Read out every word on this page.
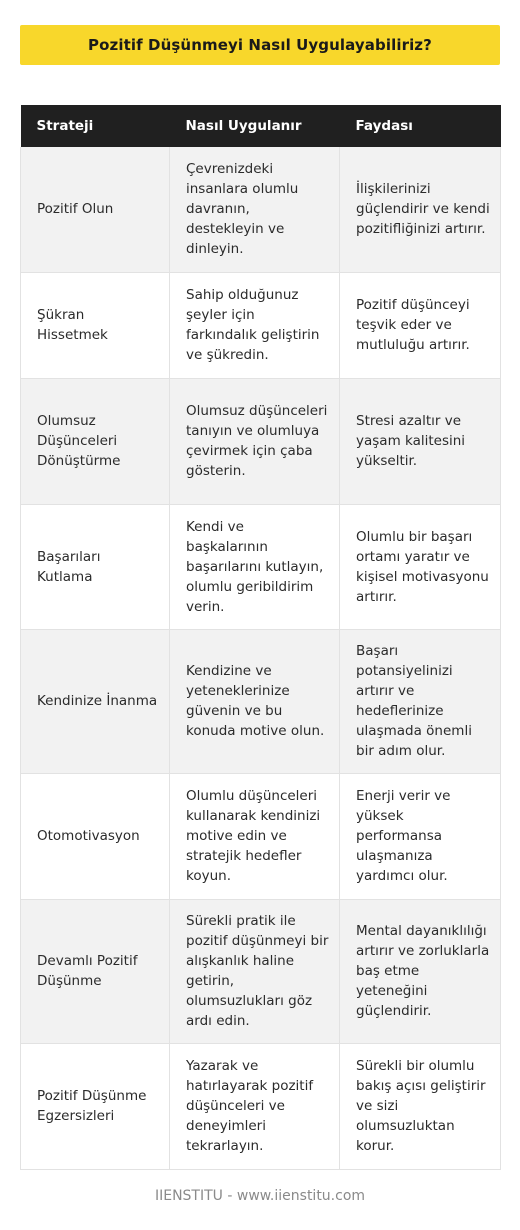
Pozitif Düşünmeyi Nasıl Uygulayabiliriz?
Strateji	Nasıl Uygulanır	Faydası
Pozitif Olun	Çevrenizdeki insanlara olumlu davranın, destekleyin ve dinleyin.	İlişkilerinizi güçlendirir ve kendi pozitifliğinizi artırır.
Şükran Hissetmek	Sahip olduğunuz şeyler için farkındalık geliştirin ve şükredin.	Pozitif düşünceyi teşvik eder ve mutluluğu artırır.
Olumsuz Düşünceleri Dönüştürme	Olumsuz düşünceleri tanıyın ve olumluya çevirmek için çaba gösterin.	Stresi azaltır ve yaşam kalitesini yükseltir.
Başarıları Kutlama	Kendi ve başkalarının başarılarını kutlayın, olumlu geribildirim verin.	Olumlu bir başarı ortamı yaratır ve kişisel motivasyonu artırır.
Kendinize İnanma	Kendizine ve yeteneklerinize güvenin ve bu konuda motive olun.	Başarı potansiyelinizi artırır ve hedeflerinize ulaşmada önemli bir adım olur.
Otomotivasyon	Olumlu düşünceleri kullanarak kendinizi motive edin ve stratejik hedefler koyun.	Enerji verir ve yüksek performansa ulaşmanıza yardımcı olur.
Devamlı Pozitif Düşünme	Sürekli pratik ile pozitif düşünmeyi bir alışkanlık haline getirin, olumsuzlukları göz ardı edin.	Mental dayanıklılığı artırır ve zorluklarla baş etme yeteneğini güçlendirir.
Pozitif Düşünme Egzersizleri	Yazarak ve hatırlayarak pozitif düşünceleri ve deneyimleri tekrarlayın.	Sürekli bir olumlu bakış açısı geliştirir ve sizi olumsuzluktan korur.
IIENSTITU - www.iienstitu.com
